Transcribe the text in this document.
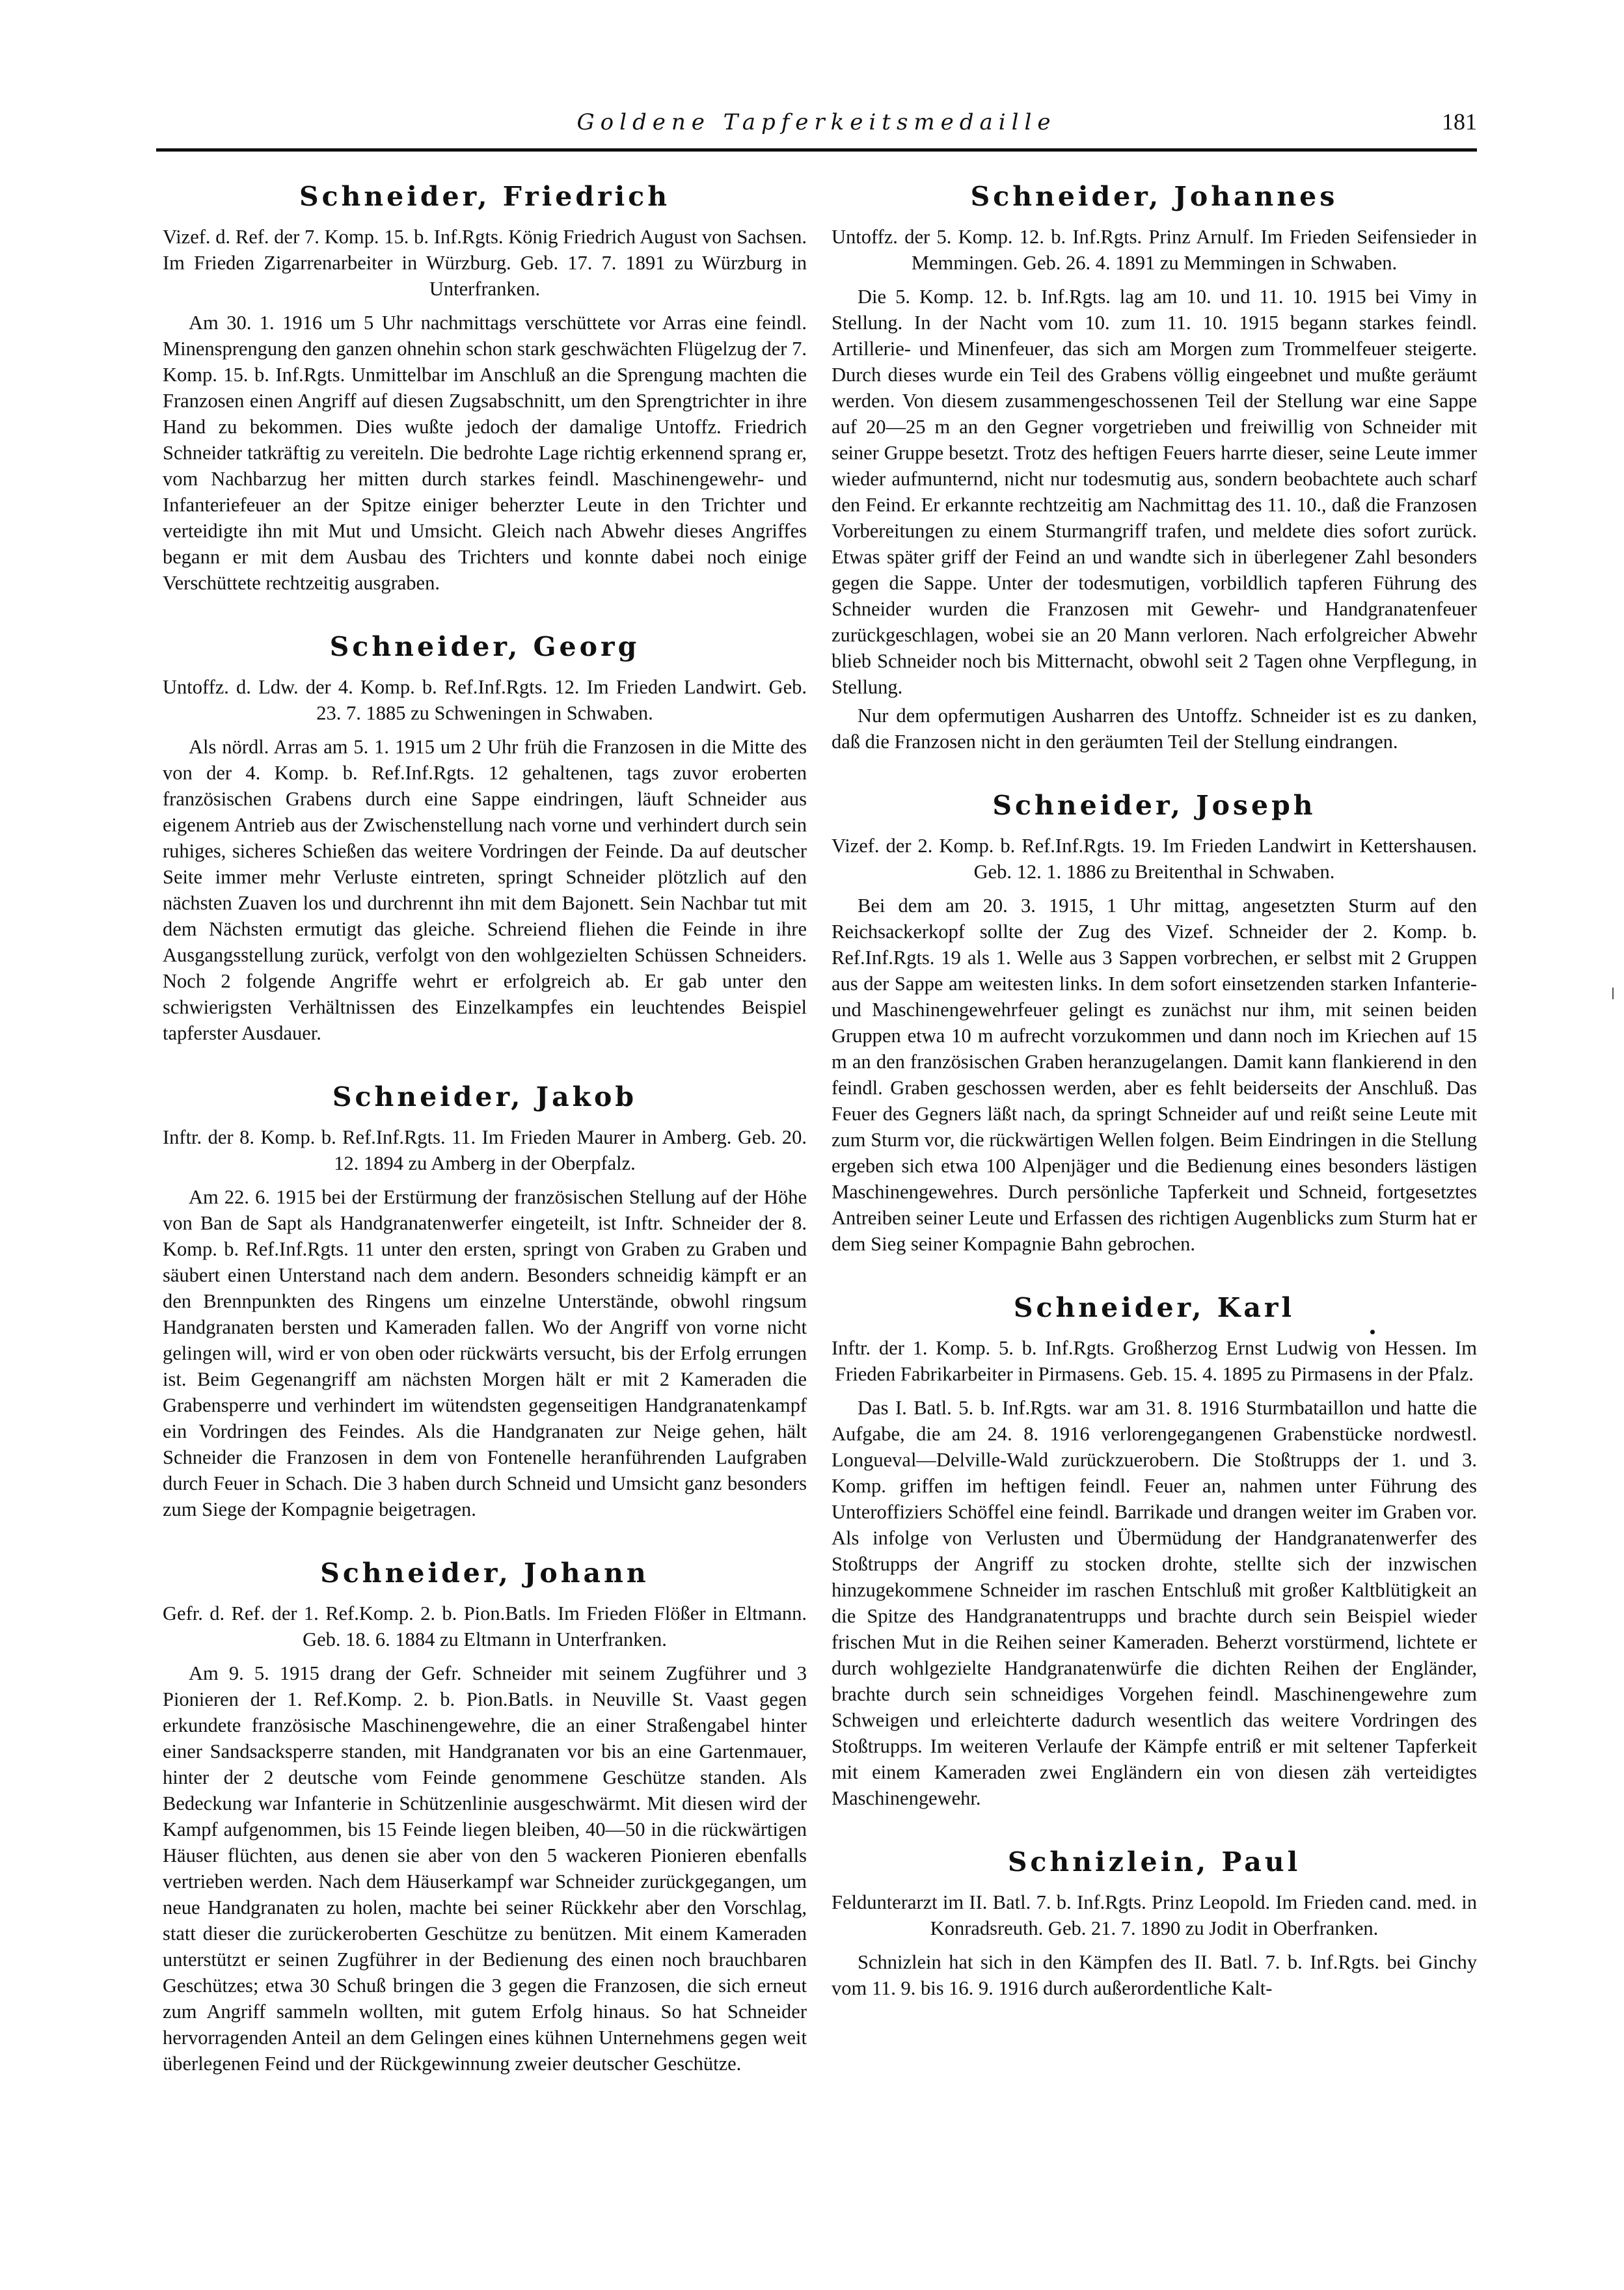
Goldene Tapferkeitsmedaille	181
Schneider, Friedrich

Vizef. d. Ref. der 7. Komp. 15. b. Inf.Rgts. König Friedrich August von Sachsen. Im Frieden Zigarrenarbeiter in Würzburg. Geb. 17. 7. 1891 zu Würzburg in Unterfranken.

Am 30. 1. 1916 um 5 Uhr nachmittags verschüttete vor Arras eine feindl. Minensprengung den ganzen ohnehin schon stark geschwächten Flügelzug der 7. Komp. 15. b. Inf.Rgts. Unmittelbar im Anschluß an die Sprengung machten die Franzosen einen Angriff auf diesen Zugsabschnitt, um den Sprengtrichter in ihre Hand zu bekommen. Dies wußte jedoch der damalige Untoffz. Friedrich Schneider tatkräftig zu vereiteln. Die bedrohte Lage richtig erkennend sprang er, vom Nachbarzug her mitten durch starkes feindl. Maschinengewehr- und Infanteriefeuer an der Spitze einiger beherzter Leute in den Trichter und verteidigte ihn mit Mut und Umsicht. Gleich nach Abwehr dieses Angriffes begann er mit dem Ausbau des Trichters und konnte dabei noch einige Verschüttete rechtzeitig ausgraben.

Schneider, Georg

Untoffz. d. Ldw. der 4. Komp. b. Ref.Inf.Rgts. 12. Im Frieden Landwirt. Geb. 23. 7. 1885 zu Schweningen in Schwaben.

Als nördl. Arras am 5. 1. 1915 um 2 Uhr früh die Franzosen in die Mitte des von der 4. Komp. b. Ref.Inf.Rgts. 12 gehaltenen, tags zuvor eroberten französischen Grabens durch eine Sappe eindringen, läuft Schneider aus eigenem Antrieb aus der Zwischenstellung nach vorne und verhindert durch sein ruhiges, sicheres Schießen das weitere Vordringen der Feinde. Da auf deutscher Seite immer mehr Verluste eintreten, springt Schneider plötzlich auf den nächsten Zuaven los und durchrennt ihn mit dem Bajonett. Sein Nachbar tut mit dem Nächsten ermutigt das gleiche. Schreiend fliehen die Feinde in ihre Ausgangsstellung zurück, verfolgt von den wohlgezielten Schüssen Schneiders. Noch 2 folgende Angriffe wehrt er erfolgreich ab. Er gab unter den schwierigsten Verhältnissen des Einzelkampfes ein leuchtendes Beispiel tapferster Ausdauer.

Schneider, Jakob

Inftr. der 8. Komp. b. Ref.Inf.Rgts. 11. Im Frieden Maurer in Amberg. Geb. 20. 12. 1894 zu Amberg in der Oberpfalz.

Am 22. 6. 1915 bei der Erstürmung der französischen Stellung auf der Höhe von Ban de Sapt als Handgranatenwerfer eingeteilt, ist Inftr. Schneider der 8. Komp. b. Ref.Inf.Rgts. 11 unter den ersten, springt von Graben zu Graben und säubert einen Unterstand nach dem andern. Besonders schneidig kämpft er an den Brennpunkten des Ringens um einzelne Unterstände, obwohl ringsum Handgranaten bersten und Kameraden fallen. Wo der Angriff von vorne nicht gelingen will, wird er von oben oder rückwärts versucht, bis der Erfolg errungen ist. Beim Gegenangriff am nächsten Morgen hält er mit 2 Kameraden die Grabensperre und verhindert im wütendsten gegenseitigen Handgranatenkampf ein Vordringen des Feindes. Als die Handgranaten zur Neige gehen, hält Schneider die Franzosen in dem von Fontenelle heranführenden Laufgraben durch Feuer in Schach. Die 3 haben durch Schneid und Umsicht ganz besonders zum Siege der Kompagnie beigetragen.

Schneider, Johann

Gefr. d. Ref. der 1. Ref.Komp. 2. b. Pion.Batls. Im Frieden Flößer in Eltmann. Geb. 18. 6. 1884 zu Eltmann in Unterfranken.

Am 9. 5. 1915 drang der Gefr. Schneider mit seinem Zugführer und 3 Pionieren der 1. Ref.Komp. 2. b. Pion.Batls. in Neuville St. Vaast gegen erkundete französische Maschinengewehre, die an einer Straßengabel hinter einer Sandsacksperre standen, mit Handgranaten vor bis an eine Gartenmauer, hinter der 2 deutsche vom Feinde genommene Geschütze standen. Als Bedeckung war Infanterie in Schützenlinie ausgeschwärmt. Mit diesen wird der Kampf aufgenommen, bis 15 Feinde liegen bleiben, 40—50 in die rückwärtigen Häuser flüchten, aus denen sie aber von den 5 wackeren Pionieren ebenfalls vertrieben werden. Nach dem Häuserkampf war Schneider zurückgegangen, um neue Handgranaten zu holen, machte bei seiner Rückkehr aber den Vorschlag, statt dieser die zurückeroberten Geschütze zu benützen. Mit einem Kameraden unterstützt er seinen Zugführer in der Bedienung des einen noch brauchbaren Geschützes; etwa 30 Schuß bringen die 3 gegen die Franzosen, die sich erneut zum Angriff sammeln wollten, mit gutem Erfolg hinaus. So hat Schneider hervorragenden Anteil an dem Gelingen eines kühnen Unternehmens gegen weit überlegenen Feind und der Rückgewinnung zweier deutscher Geschütze.

Schneider, Johannes

Untoffz. der 5. Komp. 12. b. Inf.Rgts. Prinz Arnulf. Im Frieden Seifensieder in Memmingen. Geb. 26. 4. 1891 zu Memmingen in Schwaben.

Die 5. Komp. 12. b. Inf.Rgts. lag am 10. und 11. 10. 1915 bei Vimy in Stellung. In der Nacht vom 10. zum 11. 10. 1915 begann starkes feindl. Artillerie- und Minenfeuer, das sich am Morgen zum Trommelfeuer steigerte. Durch dieses wurde ein Teil des Grabens völlig eingeebnet und mußte geräumt werden. Von diesem zusammengeschossenen Teil der Stellung war eine Sappe auf 20—25 m an den Gegner vorgetrieben und freiwillig von Schneider mit seiner Gruppe besetzt. Trotz des heftigen Feuers harrte dieser, seine Leute immer wieder aufmunternd, nicht nur todesmutig aus, sondern beobachtete auch scharf den Feind. Er erkannte rechtzeitig am Nachmittag des 11. 10., daß die Franzosen Vorbereitungen zu einem Sturmangriff trafen, und meldete dies sofort zurück. Etwas später griff der Feind an und wandte sich in überlegener Zahl besonders gegen die Sappe. Unter der todesmutigen, vorbildlich tapferen Führung des Schneider wurden die Franzosen mit Gewehr- und Handgranatenfeuer zurückgeschlagen, wobei sie an 20 Mann verloren. Nach erfolgreicher Abwehr blieb Schneider noch bis Mitternacht, obwohl seit 2 Tagen ohne Verpflegung, in Stellung.

Nur dem opfermutigen Ausharren des Untoffz. Schneider ist es zu danken, daß die Franzosen nicht in den geräumten Teil der Stellung eindrangen.

Schneider, Joseph

Vizef. der 2. Komp. b. Ref.Inf.Rgts. 19. Im Frieden Landwirt in Kettershausen. Geb. 12. 1. 1886 zu Breitenthal in Schwaben.

Bei dem am 20. 3. 1915, 1 Uhr mittag, angesetzten Sturm auf den Reichsackerkopf sollte der Zug des Vizef. Schneider der 2. Komp. b. Ref.Inf.Rgts. 19 als 1. Welle aus 3 Sappen vorbrechen, er selbst mit 2 Gruppen aus der Sappe am weitesten links. In dem sofort einsetzenden starken Infanterie- und Maschinengewehrfeuer gelingt es zunächst nur ihm, mit seinen beiden Gruppen etwa 10 m aufrecht vorzukommen und dann noch im Kriechen auf 15 m an den französischen Graben heranzugelangen. Damit kann flankierend in den feindl. Graben geschossen werden, aber es fehlt beiderseits der Anschluß. Das Feuer des Gegners läßt nach, da springt Schneider auf und reißt seine Leute mit zum Sturm vor, die rückwärtigen Wellen folgen. Beim Eindringen in die Stellung ergeben sich etwa 100 Alpenjäger und die Bedienung eines besonders lästigen Maschinengewehres. Durch persönliche Tapferkeit und Schneid, fortgesetztes Antreiben seiner Leute und Erfassen des richtigen Augenblicks zum Sturm hat er dem Sieg seiner Kompagnie Bahn gebrochen.

Schneider, Karl

Inftr. der 1. Komp. 5. b. Inf.Rgts. Großherzog Ernst Ludwig von Hessen. Im Frieden Fabrikarbeiter in Pirmasens. Geb. 15. 4. 1895 zu Pirmasens in der Pfalz.

Das I. Batl. 5. b. Inf.Rgts. war am 31. 8. 1916 Sturmbataillon und hatte die Aufgabe, die am 24. 8. 1916 verlorengegangenen Grabenstücke nordwestl. Longueval—Delville-Wald zurückzuerobern. Die Stoßtrupps der 1. und 3. Komp. griffen im heftigen feindl. Feuer an, nahmen unter Führung des Unteroffiziers Schöffel eine feindl. Barrikade und drangen weiter im Graben vor. Als infolge von Verlusten und Übermüdung der Handgranatenwerfer des Stoßtrupps der Angriff zu stocken drohte, stellte sich der inzwischen hinzugekommene Schneider im raschen Entschluß mit großer Kaltblütigkeit an die Spitze des Handgranatentrupps und brachte durch sein Beispiel wieder frischen Mut in die Reihen seiner Kameraden. Beherzt vorstürmend, lichtete er durch wohlgezielte Handgranatenwürfe die dichten Reihen der Engländer, brachte durch sein schneidiges Vorgehen feindl. Maschinengewehre zum Schweigen und erleichterte dadurch wesentlich das weitere Vordringen des Stoßtrupps. Im weiteren Verlaufe der Kämpfe entriß er mit seltener Tapferkeit mit einem Kameraden zwei Engländern ein von diesen zäh verteidigtes Maschinengewehr.

Schnizlein, Paul

Feldunterarzt im II. Batl. 7. b. Inf.Rgts. Prinz Leopold. Im Frieden cand. med. in Konradsreuth. Geb. 21. 7. 1890 zu Jodit in Oberfranken.

Schnizlein hat sich in den Kämpfen des II. Batl. 7. b. Inf.Rgts. bei Ginchy vom 11. 9. bis 16. 9. 1916 durch außerordentliche Kalt-
